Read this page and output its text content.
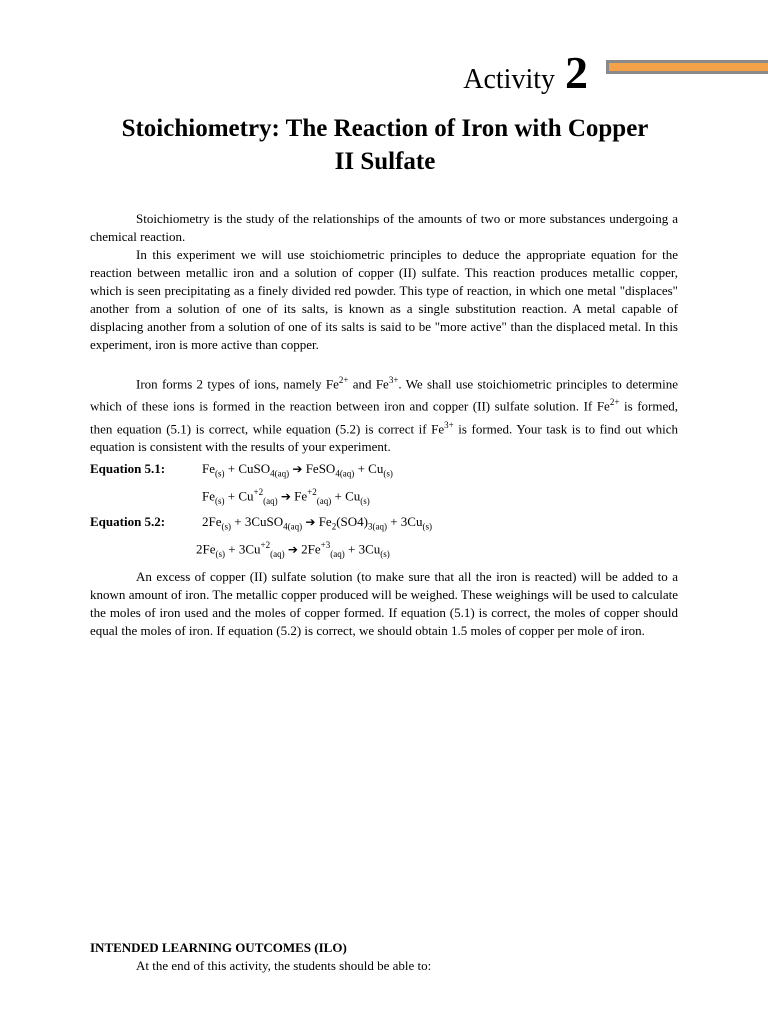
Activity 2
Stoichiometry: The Reaction of Iron with Copper
II Sulfate

Stoichiometry is the study of the relationships of the amounts of two or more substances undergoing a chemical reaction.

In this experiment we will use stoichiometric principles to deduce the appropriate equation for the reaction between metallic iron and a solution of copper (II) sulfate. This reaction produces metallic copper, which is seen precipitating as a finely divided red powder. This type of reaction, in which one metal "displaces" another from a solution of one of its salts, is known as a single substitution reaction. A metal capable of displacing another from a solution of one of its salts is said to be "more active" than the displaced metal. In this experiment, iron is more active than copper.

Iron forms 2 types of ions, namely $Fe^{2+}$ and $Fe^{3+}$. We shall use stoichiometric principles to determine which of these ions is formed in the reaction between iron and copper (II) sulfate solution. If $Fe^{2+}$ is formed, then equation (5.1) is correct, while equation (5.2) is correct if $Fe^{3+}$ is formed. Your task is to find out which equation is consistent with the results of your experiment.

Equation 5.1:	$Fe_{(s)}$ + CuSO$_{4(aq)}$ ➔ FeSO$_{4(aq)}$ + $Cu_{(s)}$
$Fe_{(s)} + Cu^{+2}_{(aq)}$ ➔ $Fe^{+2}_{(aq)} + Cu_{(s)}$
Equation 5.2:	$2Fe_{(s)}$ + 3CuSO$_{4(aq)}$ ➔ $Fe_2(SO4)_{3(aq)} + 3Cu_{(s)}$
$2Fe_{(s)} + 3Cu^{+2}_{(aq)}$ ➔ $2Fe^{+3}_{(aq)} + 3Cu_{(s)}$

An excess of copper (II) sulfate solution (to make sure that all the iron is reacted) will be added to a known amount of iron. The metallic copper produced will be weighed. These weighings will be used to calculate the moles of iron used and the moles of copper formed. If equation (5.1) is correct, the moles of copper should equal the moles of iron. If equation (5.2) is correct, we should obtain 1.5 moles of copper per mole of iron.

INTENDED LEARNING OUTCOMES (ILO)
At the end of this activity, the students should be able to:
